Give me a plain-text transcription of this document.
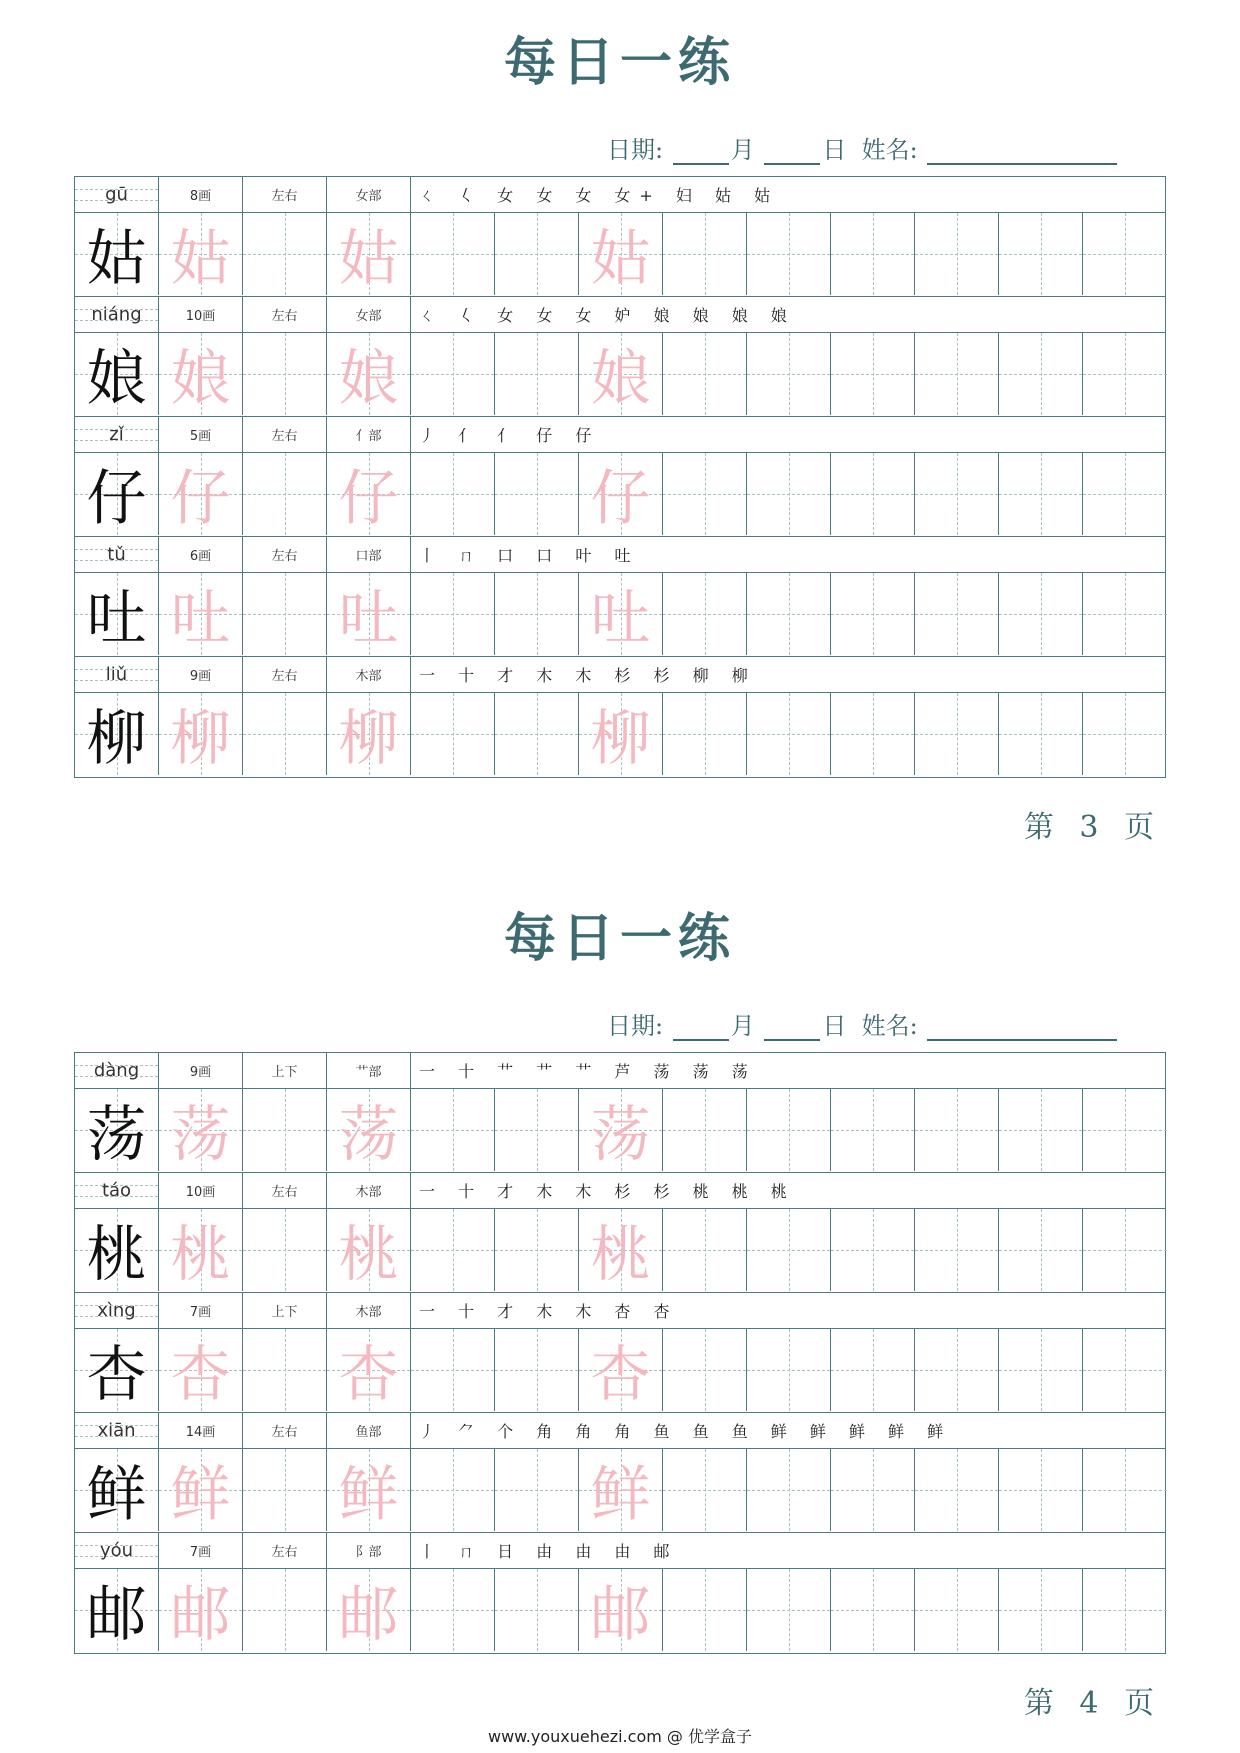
每日一练
日期:	月	日 姓名:
gū	8画	左右	女部	ㄑ 𡿨 女 女 女 女+ 妇 姑 姑
姑 姑 姑	姑
niáng	10画	左右	女部	ㄑ 𡿨 女 女 女 妒 娘 娘 娘 娘
娘 娘 娘	娘
zǐ	5画	左右	亻部	丿 亻 亻 仔 仔
仔 仔 仔	仔
tǔ	6画	左右	口部	丨 ㄇ 口 口 叶 吐
吐 吐 吐	吐
liǔ	9画	左右	木部	一 十 才 木 木 杉 杉 柳 柳
柳 柳 柳	柳
第 3 页
每日一练
日期:	月	日 姓名:
dàng	9画	上下	艹部	一 十 艹 艹 艹 芦 荡 荡 荡
荡 荡 荡	荡
táo	10画	左右	木部	一 十 才 木 木 杉 杉 桃 桃 桃
桃 桃 桃	桃
xìng	7画	上下	木部	一 十 才 木 木 杏 杏
杏 杏 杏	杏
xiān	14画	左右	鱼部	丿 ⺈ 个 角 角 角 鱼 鱼 鱼 鲜 鲜 鲜 鲜 鲜
鲜 鲜 鲜	鲜
yóu	7画	左右	阝部	丨 ㄇ 日 由 由 由 邮
邮 邮 邮	邮
第 4 页
www.youxuehezi.com @ 优学盒子
